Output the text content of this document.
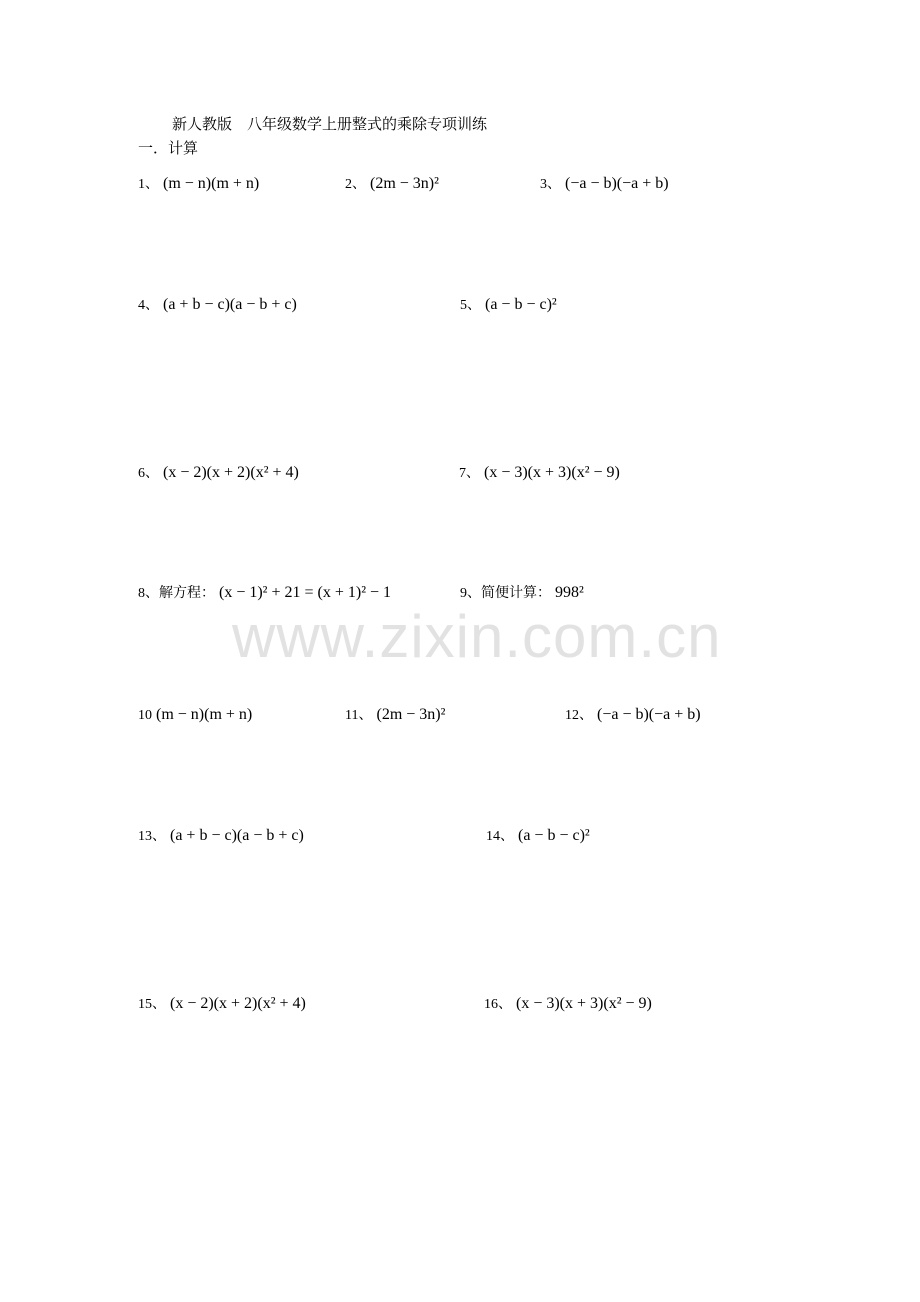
新人教版　八年级数学上册整式的乘除专项训练
一．计算
1、 (m − n)(m + n)	2、 (2m − 3n)²	3、 (−a − b)(−a + b)
4、 (a + b − c)(a − b + c)	5、 (a − b − c)²
6、 (x − 2)(x + 2)(x² + 4)	7、 (x − 3)(x + 3)(x² − 9)
8、解方程： (x − 1)² + 21 = (x + 1)² − 1	9、简便计算： 998²
www.zixin.com.cn
10 (m − n)(m + n)	11、 (2m − 3n)²	12、 (−a − b)(−a + b)
13、 (a + b − c)(a − b + c)	14、 (a − b − c)²
15、 (x − 2)(x + 2)(x² + 4)	16、 (x − 3)(x + 3)(x² − 9)
